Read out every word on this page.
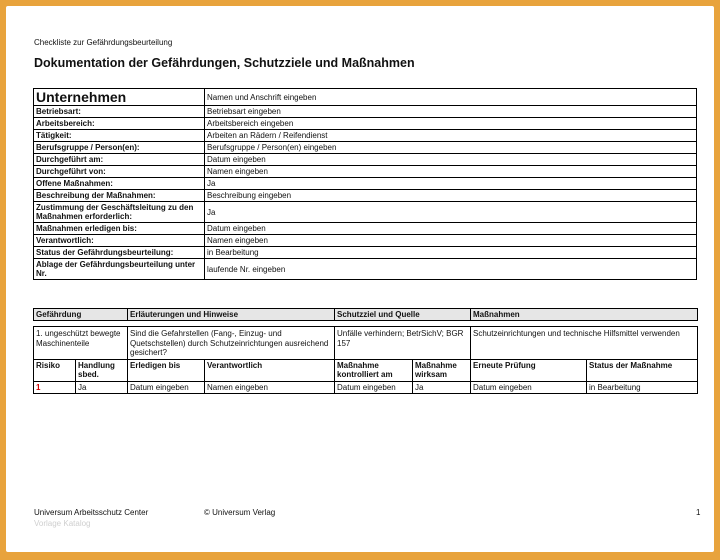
Checkliste zur Gefährdungsbeurteilung
Dokumentation der Gefährdungen, Schutzziele und Maßnahmen
Unternehmen	Namen und Anschrift eingeben
Betriebsart:	Betriebsart eingeben
Arbeitsbereich:	Arbeitsbereich eingeben
Tätigkeit:	Arbeiten an Rädern / Reifendienst
Berufsgruppe / Person(en):	Berufsgruppe / Person(en) eingeben
Durchgeführt am:	Datum eingeben
Durchgeführt von:	Namen eingeben
Offene Maßnahmen:	Ja
Beschreibung der Maßnahmen:	Beschreibung eingeben
Zustimmung der Geschäftsleitung zu den Maßnahmen erforderlich:	Ja
Maßnahmen erledigen bis:	Datum eingeben
Verantwortlich:	Namen eingeben
Status der Gefährdungsbeurteilung:	in Bearbeitung
Ablage der Gefährdungsbeurteilung unter Nr.	laufende Nr. eingeben
Gefährdung		Erläuterungen und Hinweise		Schutzziel und Quelle		Maßnahmen	

1. ungeschützt bewegte Maschinenteile		Sind die Gefahrstellen (Fang-, Einzug- und Quetschstellen) durch Schutzeinrichtungen ausreichend gesichert?		Unfälle verhindern; BetrSichV; BGR 157		Schutzeinrichtungen und technische Hilfsmittel verwenden	
Risiko	Handlung sbed.	Erledigen bis	Verantwortlich	Maßnahme kontrolliert am	Maßnahme wirksam	Erneute Prüfung	Status der Maßnahme
1	Ja	Datum eingeben	Namen eingeben	Datum eingeben	Ja	Datum eingeben	in Bearbeitung
Universum Arbeitsschutz Center	© Universum Verlag	1
Vorlage Katalog
